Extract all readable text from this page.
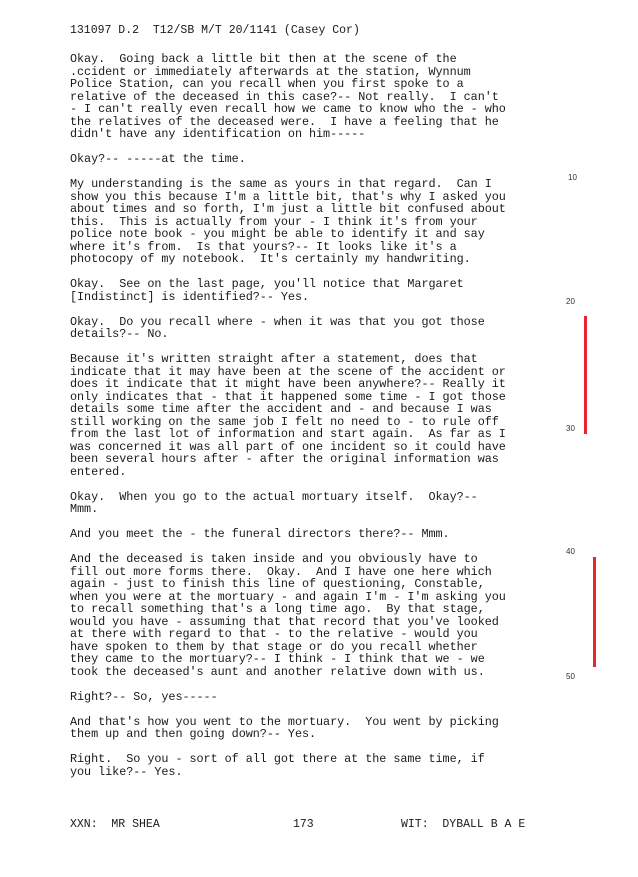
131097 D.2  T12/SB M/T 20/1141 (Casey Cor)

Okay.  Going back a little bit then at the scene of the
.ccident or immediately afterwards at the station, Wynnum
Police Station, can you recall when you first spoke to a
relative of the deceased in this case?-- Not really.  I can't
- I can't really even recall how we came to know who the - who
the relatives of the deceased were.  I have a feeling that he
didn't have any identification on him-----

Okay?-- -----at the time.

My understanding is the same as yours in that regard.  Can I
show you this because I'm a little bit, that's why I asked you
about times and so forth, I'm just a little bit confused about
this.  This is actually from your - I think it's from your
police note book - you might be able to identify it and say
where it's from.  Is that yours?-- It looks like it's a
photocopy of my notebook.  It's certainly my handwriting.

Okay.  See on the last page, you'll notice that Margaret
[Indistinct] is identified?-- Yes.

Okay.  Do you recall where - when it was that you got those
details?-- No.

Because it's written straight after a statement, does that
indicate that it may have been at the scene of the accident or
does it indicate that it might have been anywhere?-- Really it
only indicates that - that it happened some time - I got those
details some time after the accident and - and because I was
still working on the same job I felt no need to - to rule off
from the last lot of information and start again.  As far as I
was concerned it was all part of one incident so it could have
been several hours after - after the original information was
entered.

Okay.  When you go to the actual mortuary itself.  Okay?--
Mmm.

And you meet the - the funeral directors there?-- Mmm.

And the deceased is taken inside and you obviously have to
fill out more forms there.  Okay.  And I have one here which
again - just to finish this line of questioning, Constable,
when you were at the mortuary - and again I'm - I'm asking you
to recall something that's a long time ago.  By that stage,
would you have - assuming that that record that you've looked
at there with regard to that - to the relative - would you
have spoken to them by that stage or do you recall whether
they came to the mortuary?-- I think - I think that we - we
took the deceased's aunt and another relative down with us.

Right?-- So, yes-----

And that's how you went to the mortuary.  You went by picking
them up and then going down?-- Yes.

Right.  So you - sort of all got there at the same time, if
you like?-- Yes.

10
20
30
40
50
XXN:  MR SHEA	173	WIT:  DYBALL B A E
